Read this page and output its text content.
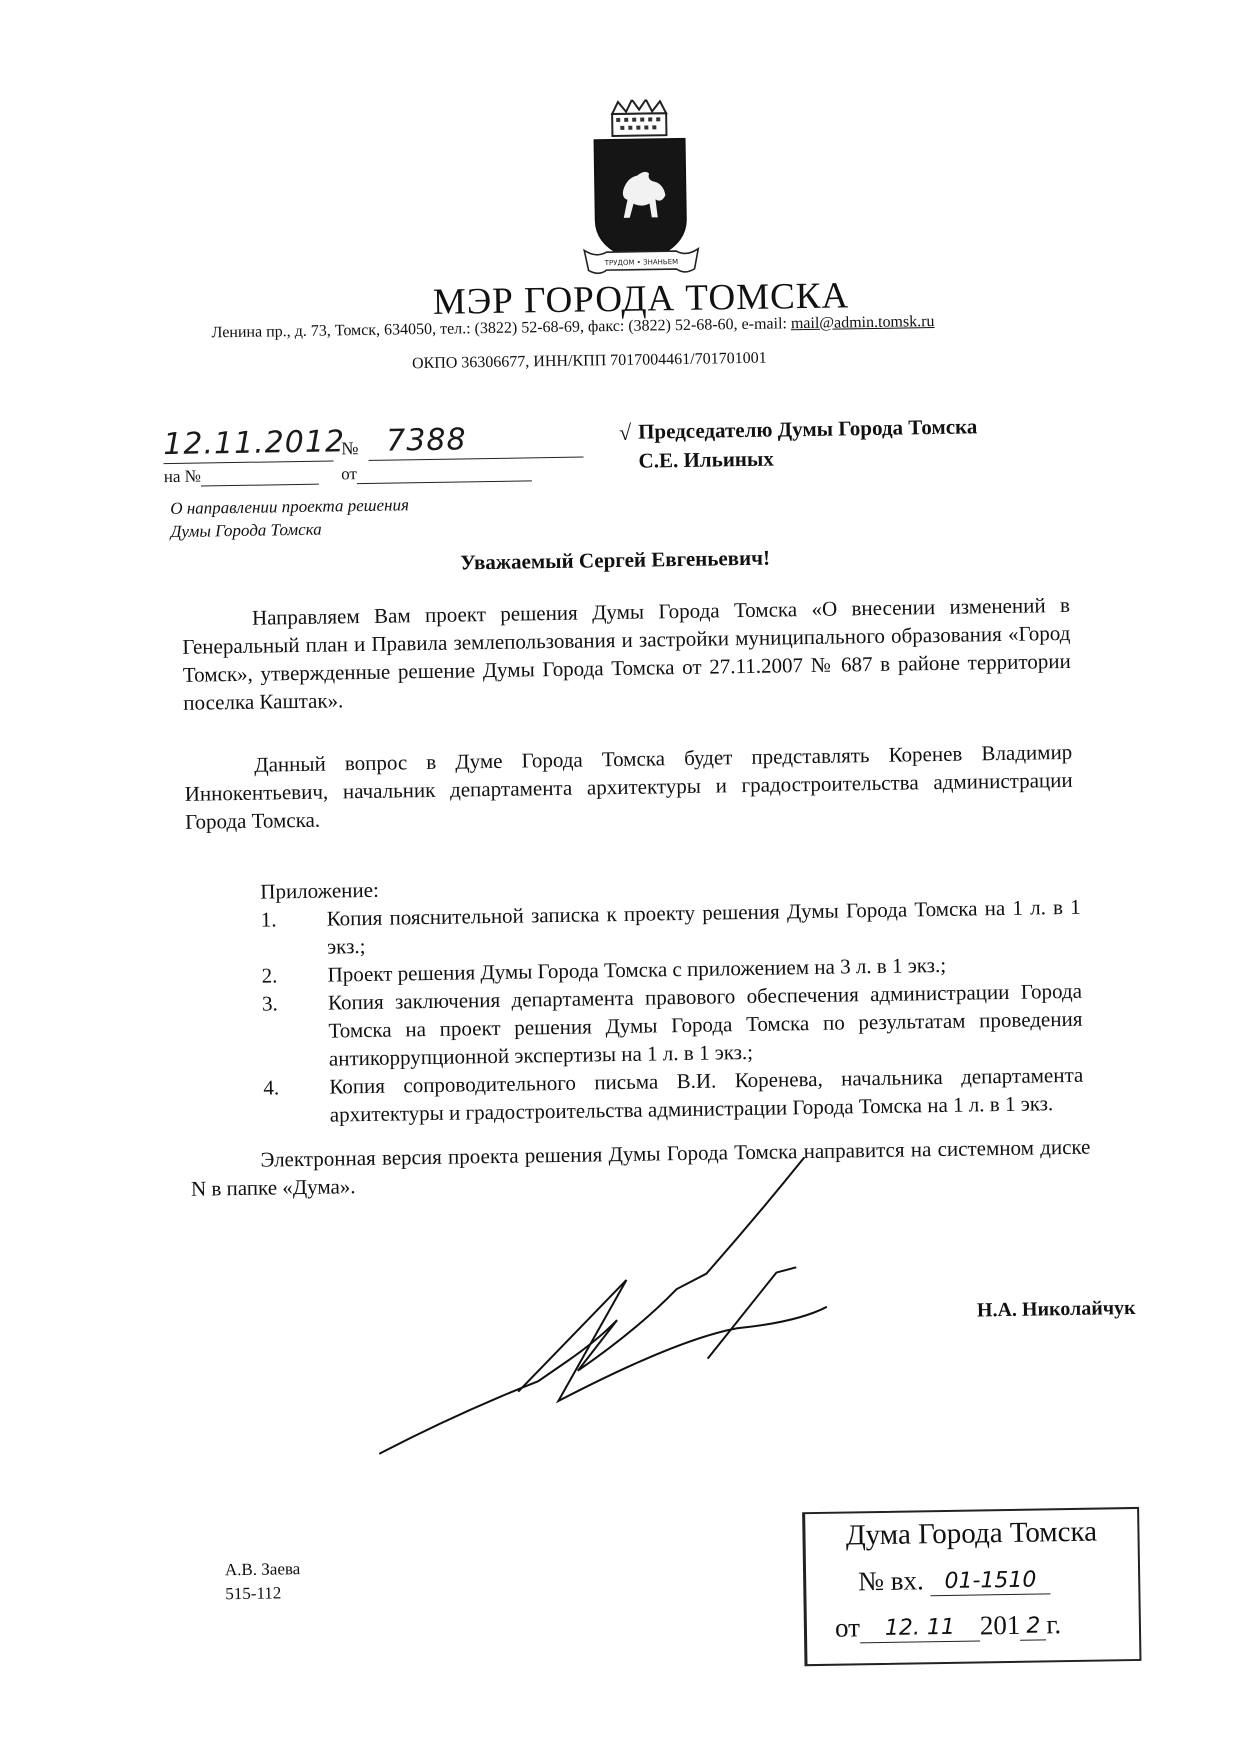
ТРУДОМ • ЗНАНЬЕМ
МЭР ГОРОДА ТОМСКА
Ленина пр., д. 73, Томск, 634050, тел.: (3822) 52-68-69, факс: (3822) 52-68-60, e-mail: mail@admin.tomsk.ru
ОКПО 36306677, ИНН/КПП 7017004461/701701001
12.11.2012
№ 7388
на №	от
О направлении проекта решения
Думы Города Томска
√ Председателю Думы Города Томска
С.Е. Ильиных
Уважаемый Сергей Евгеньевич!
Направляем Вам проект решения Думы Города Томска «О внесении изменений в Генеральный план и Правила землепользования и застройки муниципального образования «Город Томск», утвержденные решение Думы Города Томска от 27.11.2007 № 687 в районе территории поселка Каштак».
Данный вопрос в Думе Города Томска будет представлять Коренев Владимир Иннокентьевич, начальник департамента архитектуры и градостроительства администрации Города Томска.
Приложение:
1.	Копия пояснительной записка к проекту решения Думы Города Томска на 1 л. в 1 экз.;
2.	Проект решения Думы Города Томска с приложением на 3 л. в 1 экз.;
3.	Копия заключения департамента правового обеспечения администрации Города Томска на проект решения Думы Города Томска по результатам проведения антикоррупционной экспертизы на 1 л. в 1 экз.;
4.	Копия сопроводительного письма В.И. Коренева, начальника департамента архитектуры и градостроительства администрации Города Томска на 1 л. в 1 экз.
Электронная версия проекта решения Думы Города Томска направится на системном диске N в папке «Дума».
Н.А. Николайчук
А.В. Заева
515-112
Дума Города Томска
№ вх. 01-1510
от 12. 11 201 2 г.
